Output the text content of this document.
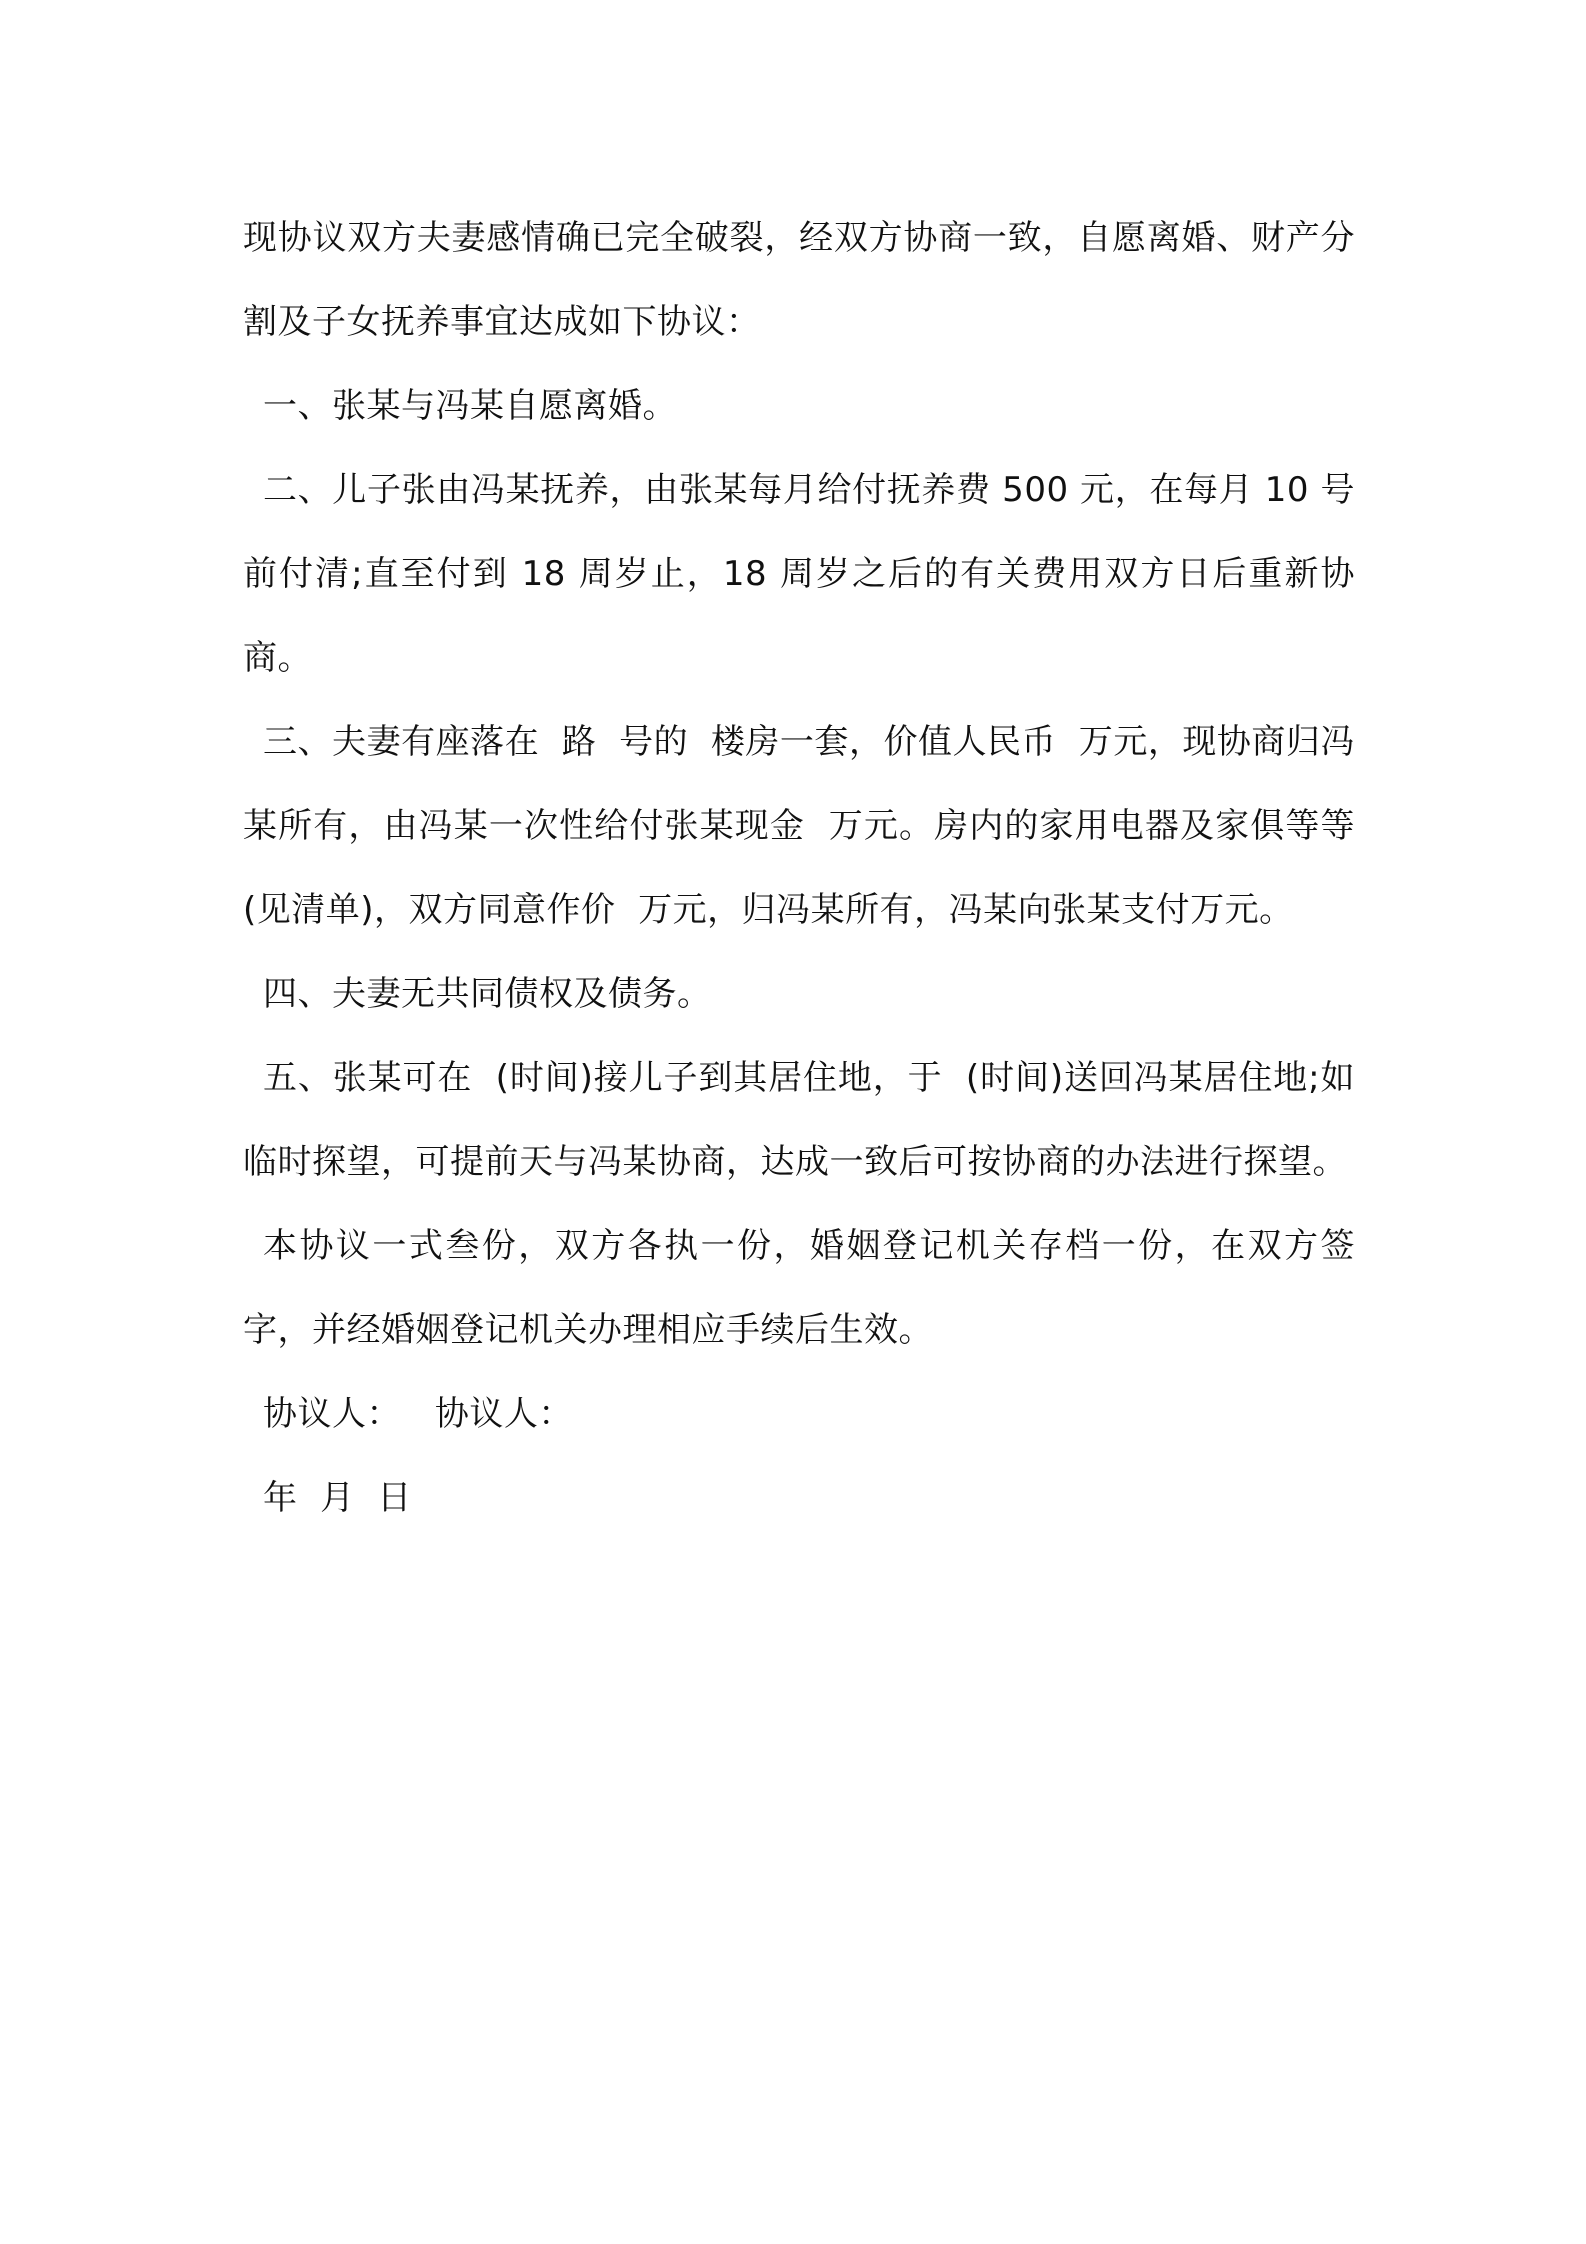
现协议双方夫妻感情确已完全破裂，经双方协商一致，自愿离婚、财产分割及子女抚养事宜达成如下协议：

一、张某与冯某自愿离婚。

二、儿子张由冯某抚养，由张某每月给付抚养费 500 元，在每月 10 号前付清;直至付到 18 周岁止，18 周岁之后的有关费用双方日后重新协商。

三、夫妻有座落在  路  号的  楼房一套，价值人民币  万元，现协商归冯某所有，由冯某一次性给付张某现金  万元。房内的家用电器及家俱等等(见清单)，双方同意作价  万元，归冯某所有，冯某向张某支付万元。

四、夫妻无共同债权及债务。

五、张某可在  (时间)接儿子到其居住地，于  (时间)送回冯某居住地;如临时探望，可提前天与冯某协商，达成一致后可按协商的办法进行探望。

本协议一式叁份，双方各执一份，婚姻登记机关存档一份，在双方签字，并经婚姻登记机关办理相应手续后生效。

协议人：   协议人：

年  月  日
